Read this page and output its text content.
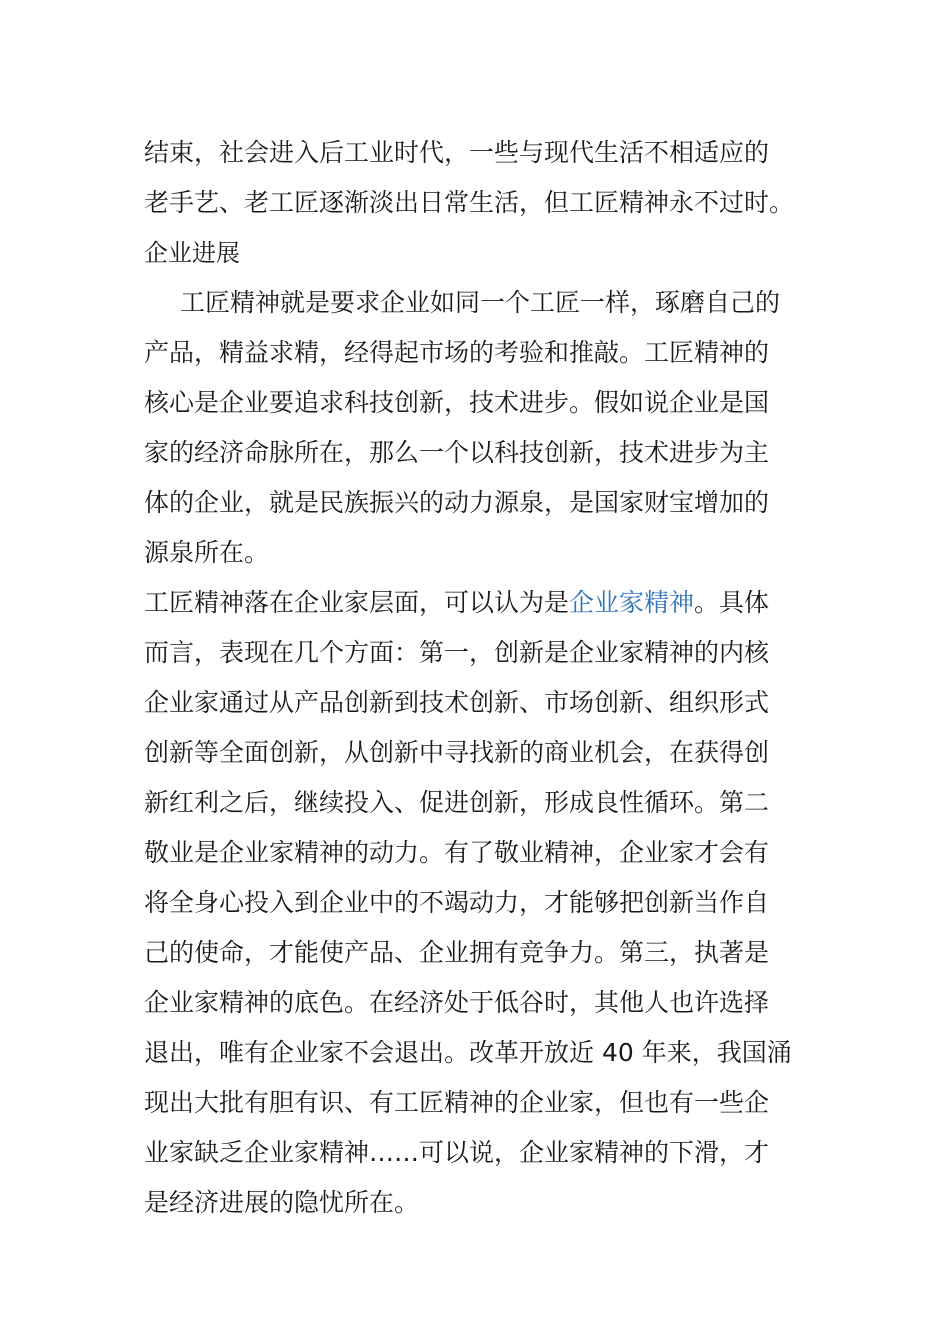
结束，社会进入后工业时代，一些与现代生活不相适应的
老手艺、老工匠逐渐淡出日常生活，但工匠精神永不过时。
企业进展
工匠精神就是要求企业如同一个工匠一样，琢磨自己的
产品，精益求精，经得起市场的考验和推敲。工匠精神的
核心是企业要追求科技创新，技术进步。假如说企业是国
家的经济命脉所在，那么一个以科技创新，技术进步为主
体的企业，就是民族振兴的动力源泉，是国家财宝增加的
源泉所在。
工匠精神落在企业家层面，可以认为是企业家精神。具体
而言，表现在几个方面：第一，创新是企业家精神的内核
企业家通过从产品创新到技术创新、市场创新、组织形式
创新等全面创新，从创新中寻找新的商业机会，在获得创
新红利之后，继续投入、促进创新，形成良性循环。第二
敬业是企业家精神的动力。有了敬业精神，企业家才会有
将全身心投入到企业中的不竭动力，才能够把创新当作自
己的使命，才能使产品、企业拥有竞争力。第三，执著是
企业家精神的底色。在经济处于低谷时，其他人也许选择
退出，唯有企业家不会退出。改革开放近 40 年来，我国涌
现出大批有胆有识、有工匠精神的企业家，但也有一些企
业家缺乏企业家精神……可以说，企业家精神的下滑，才
是经济进展的隐忧所在。
